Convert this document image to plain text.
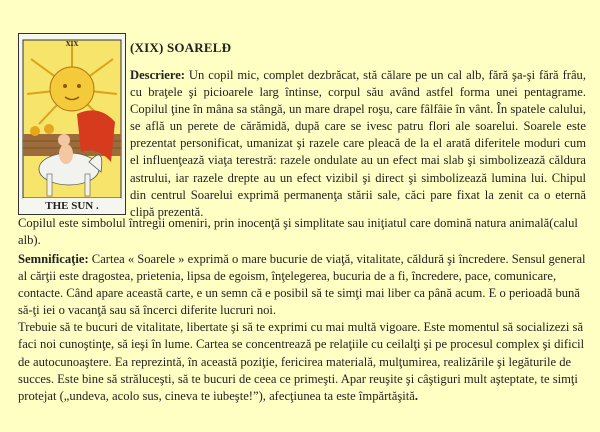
XIX
THE SUN .
(XIX) SOARELĐ
Descriere: Un copil mic, complet dezbrăcat, stă călare pe un cal alb, fără şa-şi fără frâu, cu braţele şi picioarele larg întinse, corpul său având astfel forma unei pentagrame. Copilul ţine în mâna sa stângă, un mare drapel roşu, care fâlfâie în vânt. În spatele calului, se află un perete de cărămidă, după care se ivesc patru flori ale soarelui. Soarele este prezentat personificat, umanizat şi razele care pleacă de la el arată diferitele moduri cum el influenţează viaţa terestră: razele ondulate au un efect mai slab şi simbolizează căldura astrului, iar razele drepte au un efect vizibil şi direct şi simbolizează lumina lui. Chipul din centrul Soarelui exprimă permanenţa stării sale, căci pare fixat la zenit ca o eternă clipă prezentă.
Copilul este simbolul întregii omeniri, prin inocenţă şi simplitate sau iniţiatul care domină natura animală(calul alb).

Semnificaţie: Cartea « Soarele » exprimă o mare bucurie de viaţă, vitalitate, căldură şi încredere. Sensul general al cărţii este dragostea, prietenia, lipsa de egoism, înţelegerea, bucuria de a fi, încredere, pace, comunicare, contacte. Când apare această carte, e un semn că e posibil să te simţi mai liber ca până acum. E o perioadă bună să-ţi iei o vacanţă sau să încerci diferite lucruri noi.

Trebuie să te bucuri de vitalitate, libertate şi să te exprimi cu mai multă vigoare. Este momentul să socializezi să faci noi cunoştinţe, să ieşi în lume. Cartea se concentrează pe relaţiile cu ceilalţi şi pe procesul complex şi dificil de autocunoaştere. Ea reprezintă, în această poziţie, fericirea materială, mulţumirea, realizările şi legăturile de succes. Este bine să străluceşti, să te bucuri de ceea ce primeşti. Apar reuşite şi câştiguri mult aşteptate, te simţi protejat („undeva, acolo sus, cineva te iubeşte!”), afecţiunea ta este împărtăşită.
